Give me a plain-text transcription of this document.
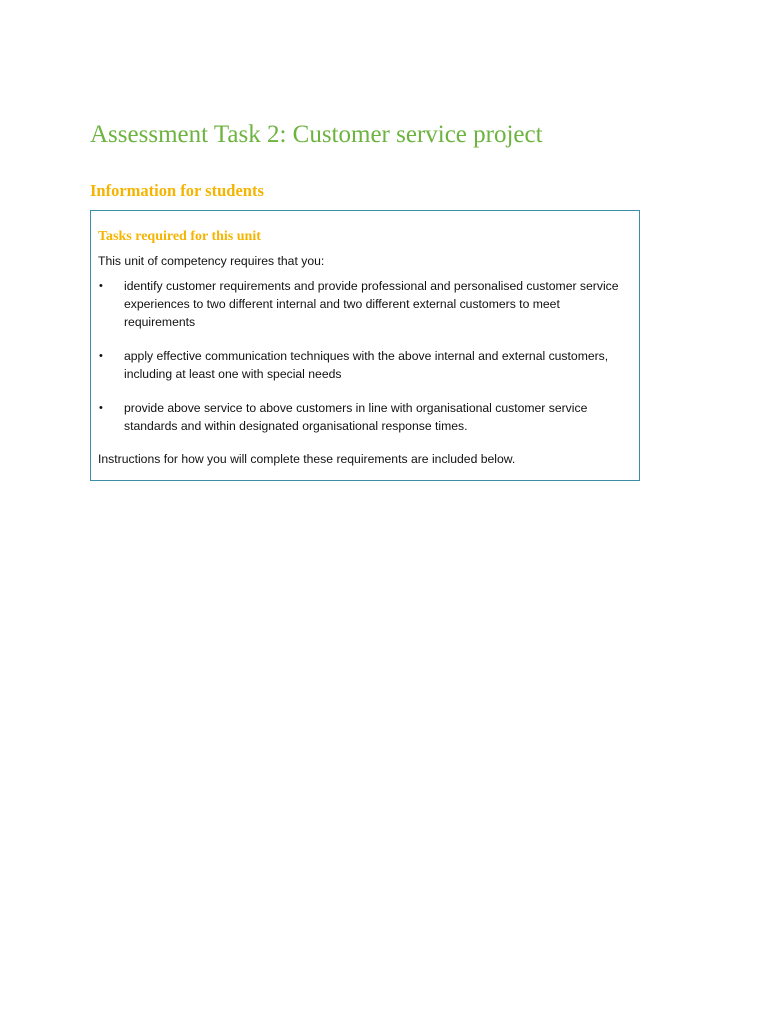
Assessment Task 2: Customer service project
Information for students
Tasks required for this unit

This unit of competency requires that you:

• identify customer requirements and provide professional and personalised customer service experiences to two different internal and two different external customers to meet requirements
• apply effective communication techniques with the above internal and external customers, including at least one with special needs
• provide above service to above customers in line with organisational customer service standards and within designated organisational response times.

Instructions for how you will complete these requirements are included below.
